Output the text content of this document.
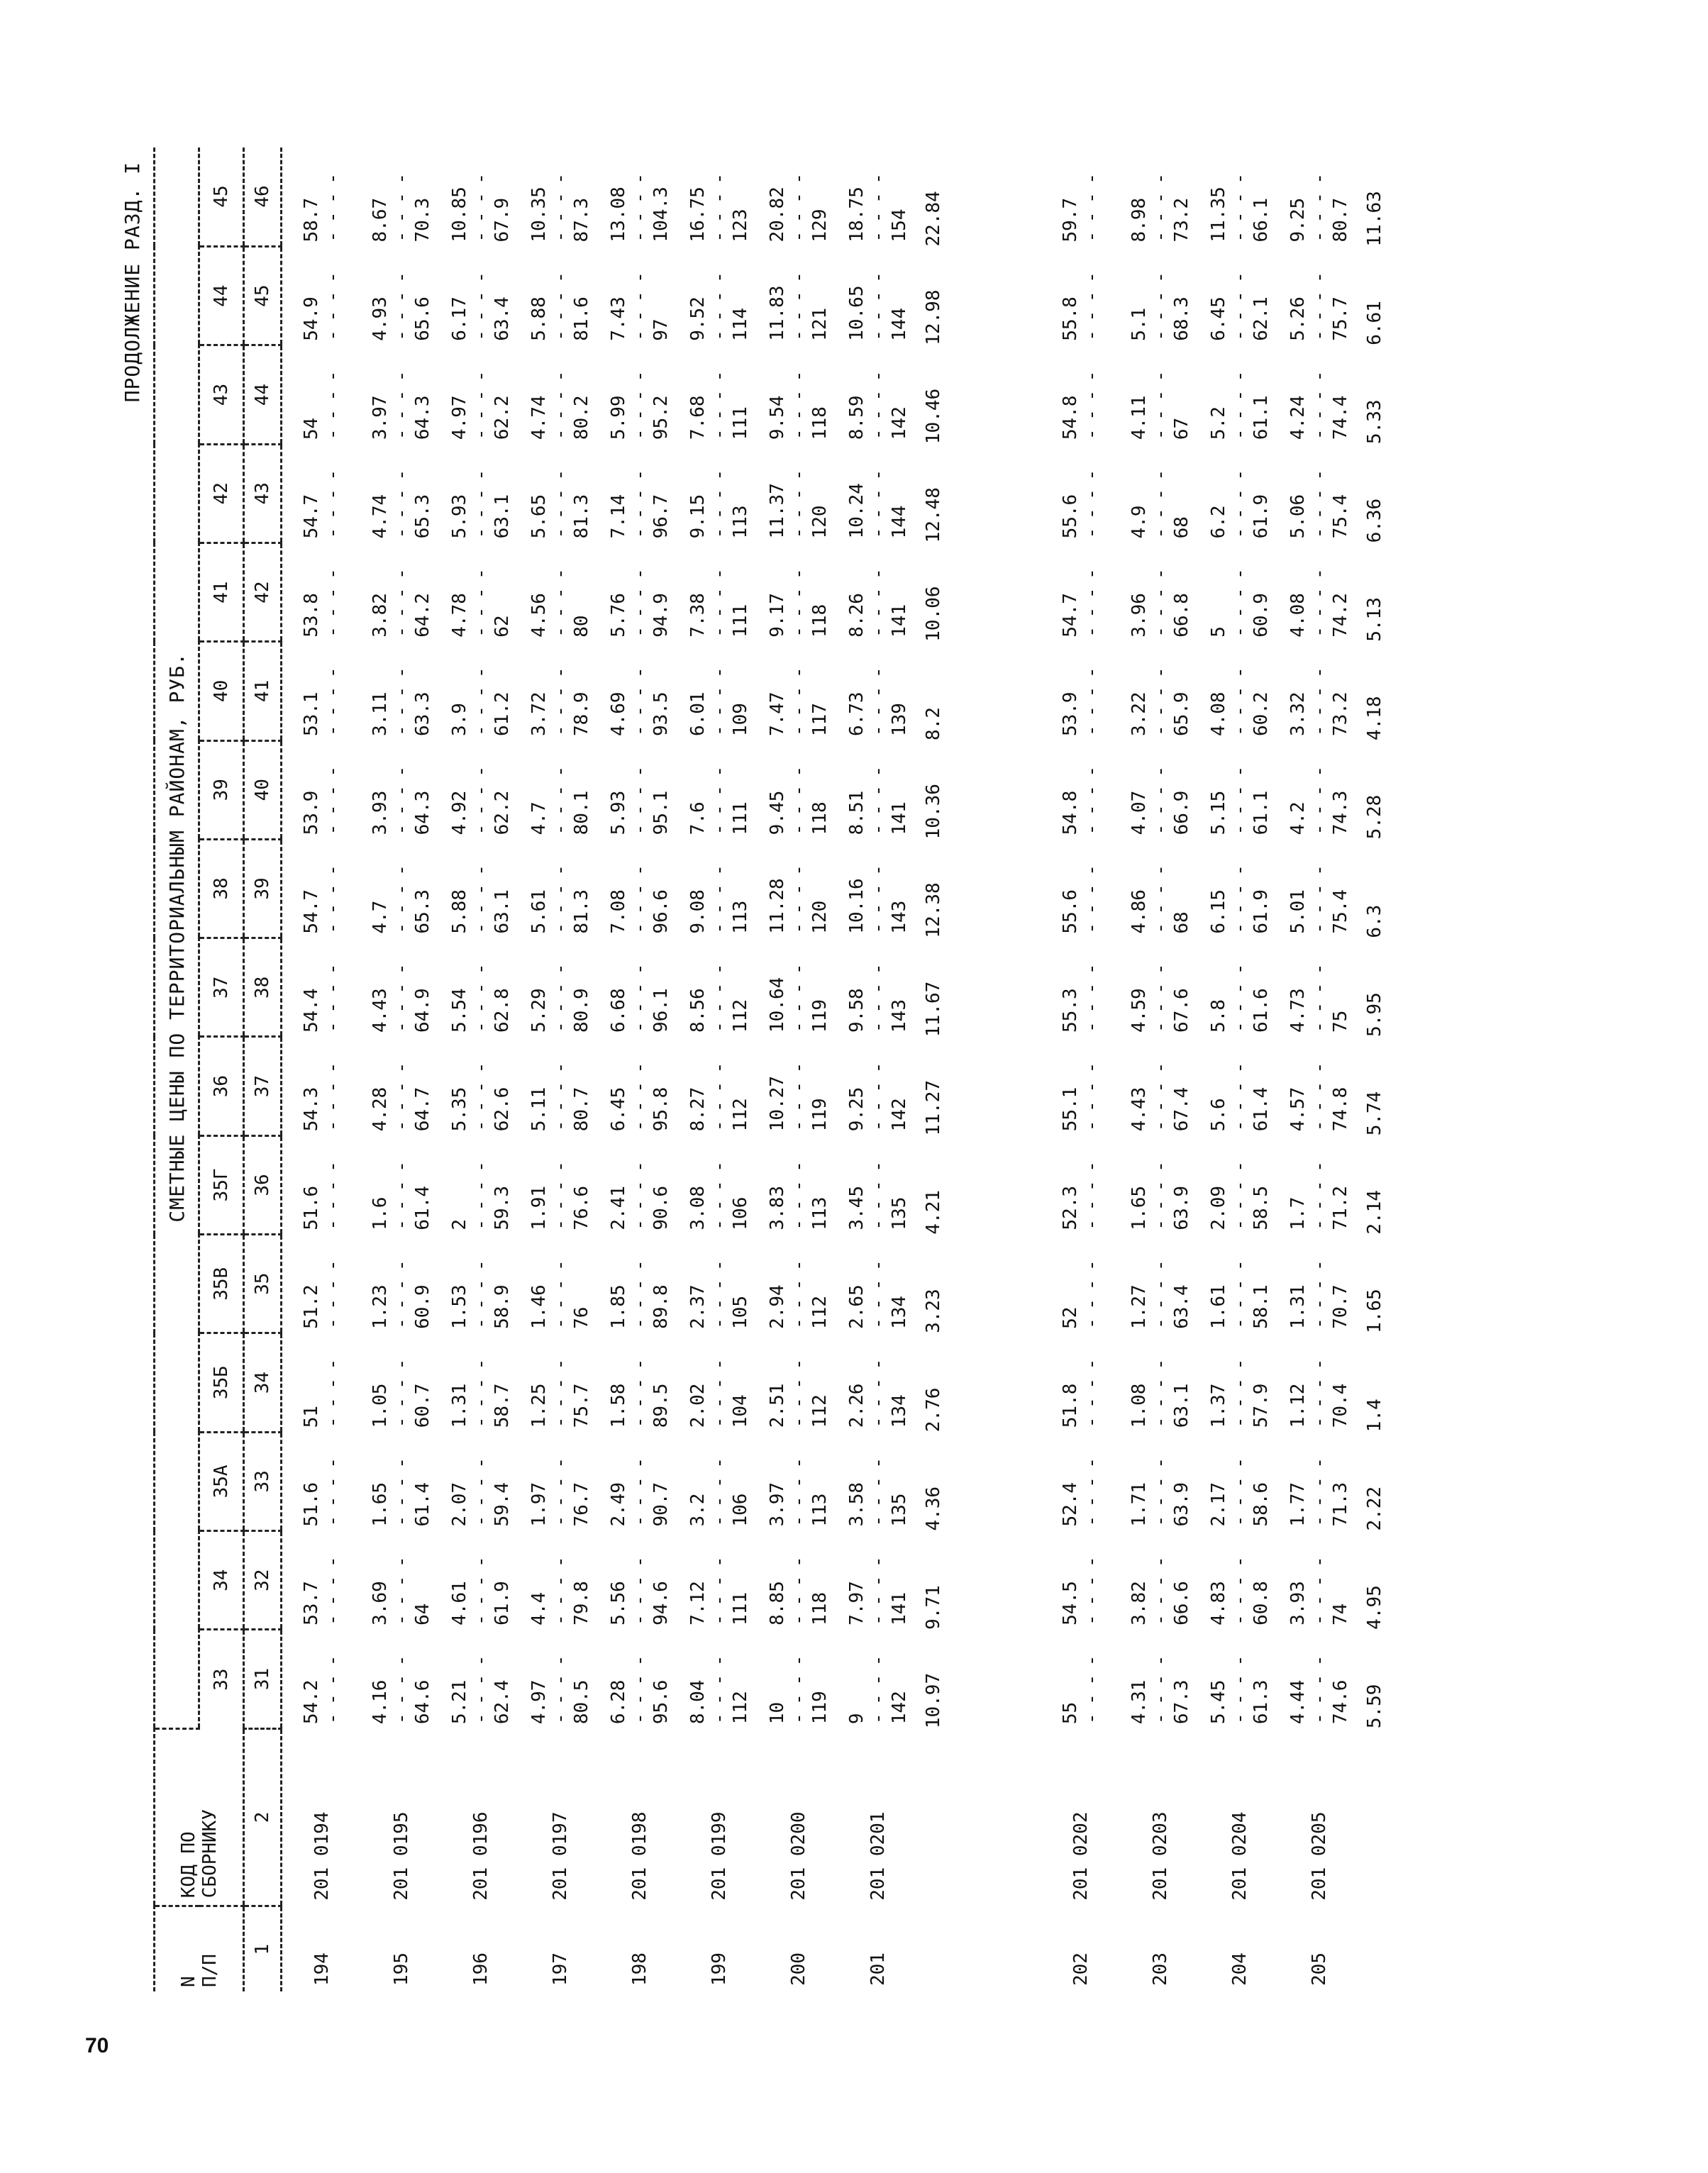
70
ПРОДОЛЖЕНИЕ РАЗД. I
N
П/П	КОД ПО
СБОРНИКУ	СМЕТНЫЕ ЦЕНЫ ПО ТЕРРИТОРИАЛЬНЫМ РАЙОНАМ, РУБ.															
		33	34	35А	35Б	35В	35Г	36	37	38	39	40	41	42	43	44	45
1	2	31	32	33	34	35	36	37	38	39	40	41	42	43	44	45	46
194	201 0194	54.2 - - - -	53.7 - - - -	51.6 - - - -	51 - - - -	51.2 - - - -	51.6 - - - -	54.3 - - - -	54.4 - - - -	54.7 - - - -	53.9 - - - -	53.1 - - - -	53.8 - - - -	54.7 - - - -	54 - - - -	54.9 - - - -	58.7 - - - -

195	201 0195	4.16 - - - - 64.6	3.69 - - - - 64	1.65 - - - - 61.4	1.05 - - - - 60.7	1.23 - - - - 60.9	1.6 - - - - 61.4	4.28 - - - - 64.7	4.43 - - - - 64.9	4.7 - - - - 65.3	3.93 - - - - 64.3	3.11 - - - - 63.3	3.82 - - - - 64.2	4.74 - - - - 65.3	3.97 - - - - 64.3	4.93 - - - - 65.6	8.67 - - - - 70.3

196	201 0196	5.21 - - - - 62.4	4.61 - - - - 61.9	2.07 - - - - 59.4	1.31 - - - - 58.7	1.53 - - - - 58.9	2 - - - - 59.3	5.35 - - - - 62.6	5.54 - - - - 62.8	5.88 - - - - 63.1	4.92 - - - - 62.2	3.9 - - - - 61.2	4.78 - - - - 62	5.93 - - - - 63.1	4.97 - - - - 62.2	6.17 - - - - 63.4	10.85 - - - - 67.9

197	201 0197	4.97 - - - - 80.5	4.4 - - - - 79.8	1.97 - - - - 76.7	1.25 - - - - 75.7	1.46 - - - - 76	1.91 - - - - 76.6	5.11 - - - - 80.7	5.29 - - - - 80.9	5.61 - - - - 81.3	4.7 - - - - 80.1	3.72 - - - - 78.9	4.56 - - - - 80	5.65 - - - - 81.3	4.74 - - - - 80.2	5.88 - - - - 81.6	10.35 - - - - 87.3

198	201 0198	6.28 - - - - 95.6	5.56 - - - - 94.6	2.49 - - - - 90.7	1.58 - - - - 89.5	1.85 - - - - 89.8	2.41 - - - - 90.6	6.45 - - - - 95.8	6.68 - - - - 96.1	7.08 - - - - 96.6	5.93 - - - - 95.1	4.69 - - - - 93.5	5.76 - - - - 94.9	7.14 - - - - 96.7	5.99 - - - - 95.2	7.43 - - - - 97	13.08 - - - - 104.3

199	201 0199	8.04 - - - - 112	7.12 - - - - 111	3.2 - - - - 106	2.02 - - - - 104	2.37 - - - - 105	3.08 - - - - 106	8.27 - - - - 112	8.56 - - - - 112	9.08 - - - - 113	7.6 - - - - 111	6.01 - - - - 109	7.38 - - - - 111	9.15 - - - - 113	7.68 - - - - 111	9.52 - - - - 114	16.75 - - - - 123

200	201 0200	10 - - - - 119	8.85 - - - - 118	3.97 - - - - 113	2.51 - - - - 112	2.94 - - - - 112	3.83 - - - - 113	10.27 - - - - 119	10.64 - - - - 119	11.28 - - - - 120	9.45 - - - - 118	7.47 - - - - 117	9.17 - - - - 118	11.37 - - - - 120	9.54 - - - - 118	11.83 - - - - 121	20.82 - - - - 129

201	201 0201	9 - - - - 142	7.97 - - - - 141	3.58 - - - - 135	2.26 - - - - 134	2.65 - - - - 134	3.45 - - - - 135	9.25 - - - - 142	9.58 - - - - 143	10.16 - - - - 143	8.51 - - - - 141	6.73 - - - - 139	8.26 - - - - 141	10.24 - - - - 144	8.59 - - - - 142	10.65 - - - - 144	18.75 - - - - 154

		10.97	9.71	4.36	2.76	3.23	4.21	11.27	11.67	12.38	10.36	8.2	10.06	12.48	10.46	12.98	22.84

202	201 0202	55 - - - -	54.5 - - - -	52.4 - - - -	51.8 - - - -	52 - - - -	52.3 - - - -	55.1 - - - -	55.3 - - - -	55.6 - - - -	54.8 - - - -	53.9 - - - -	54.7 - - - -	55.6 - - - -	54.8 - - - -	55.8 - - - -	59.7 - - - -

203	201 0203	4.31 - - - - 67.3	3.82 - - - - 66.6	1.71 - - - - 63.9	1.08 - - - - 63.1	1.27 - - - - 63.4	1.65 - - - - 63.9	4.43 - - - - 67.4	4.59 - - - - 67.6	4.86 - - - - 68	4.07 - - - - 66.9	3.22 - - - - 65.9	3.96 - - - - 66.8	4.9 - - - - 68	4.11 - - - - 67	5.1 - - - - 68.3	8.98 - - - - 73.2

204	201 0204	5.45 - - - - 61.3	4.83 - - - - 60.8	2.17 - - - - 58.6	1.37 - - - - 57.9	1.61 - - - - 58.1	2.09 - - - - 58.5	5.6 - - - - 61.4	5.8 - - - - 61.6	6.15 - - - - 61.9	5.15 - - - - 61.1	4.08 - - - - 60.2	5 - - - - 60.9	6.2 - - - - 61.9	5.2 - - - - 61.1	6.45 - - - - 62.1	11.35 - - - - 66.1

205	201 0205	4.44 - - - - 74.6	3.93 - - - - 74	1.77 - - - - 71.3	1.12 - - - - 70.4	1.31 - - - - 70.7	1.7 - - - - 71.2	4.57 - - - - 74.8	4.73 - - - - 75	5.01 - - - - 75.4	4.2 - - - - 74.3	3.32 - - - - 73.2	4.08 - - - - 74.2	5.06 - - - - 75.4	4.24 - - - - 74.4	5.26 - - - - 75.7	9.25 - - - - 80.7

		5.59	4.95	2.22	1.4	1.65	2.14	5.74	5.95	6.3	5.28	4.18	5.13	6.36	5.33	6.61	11.63
